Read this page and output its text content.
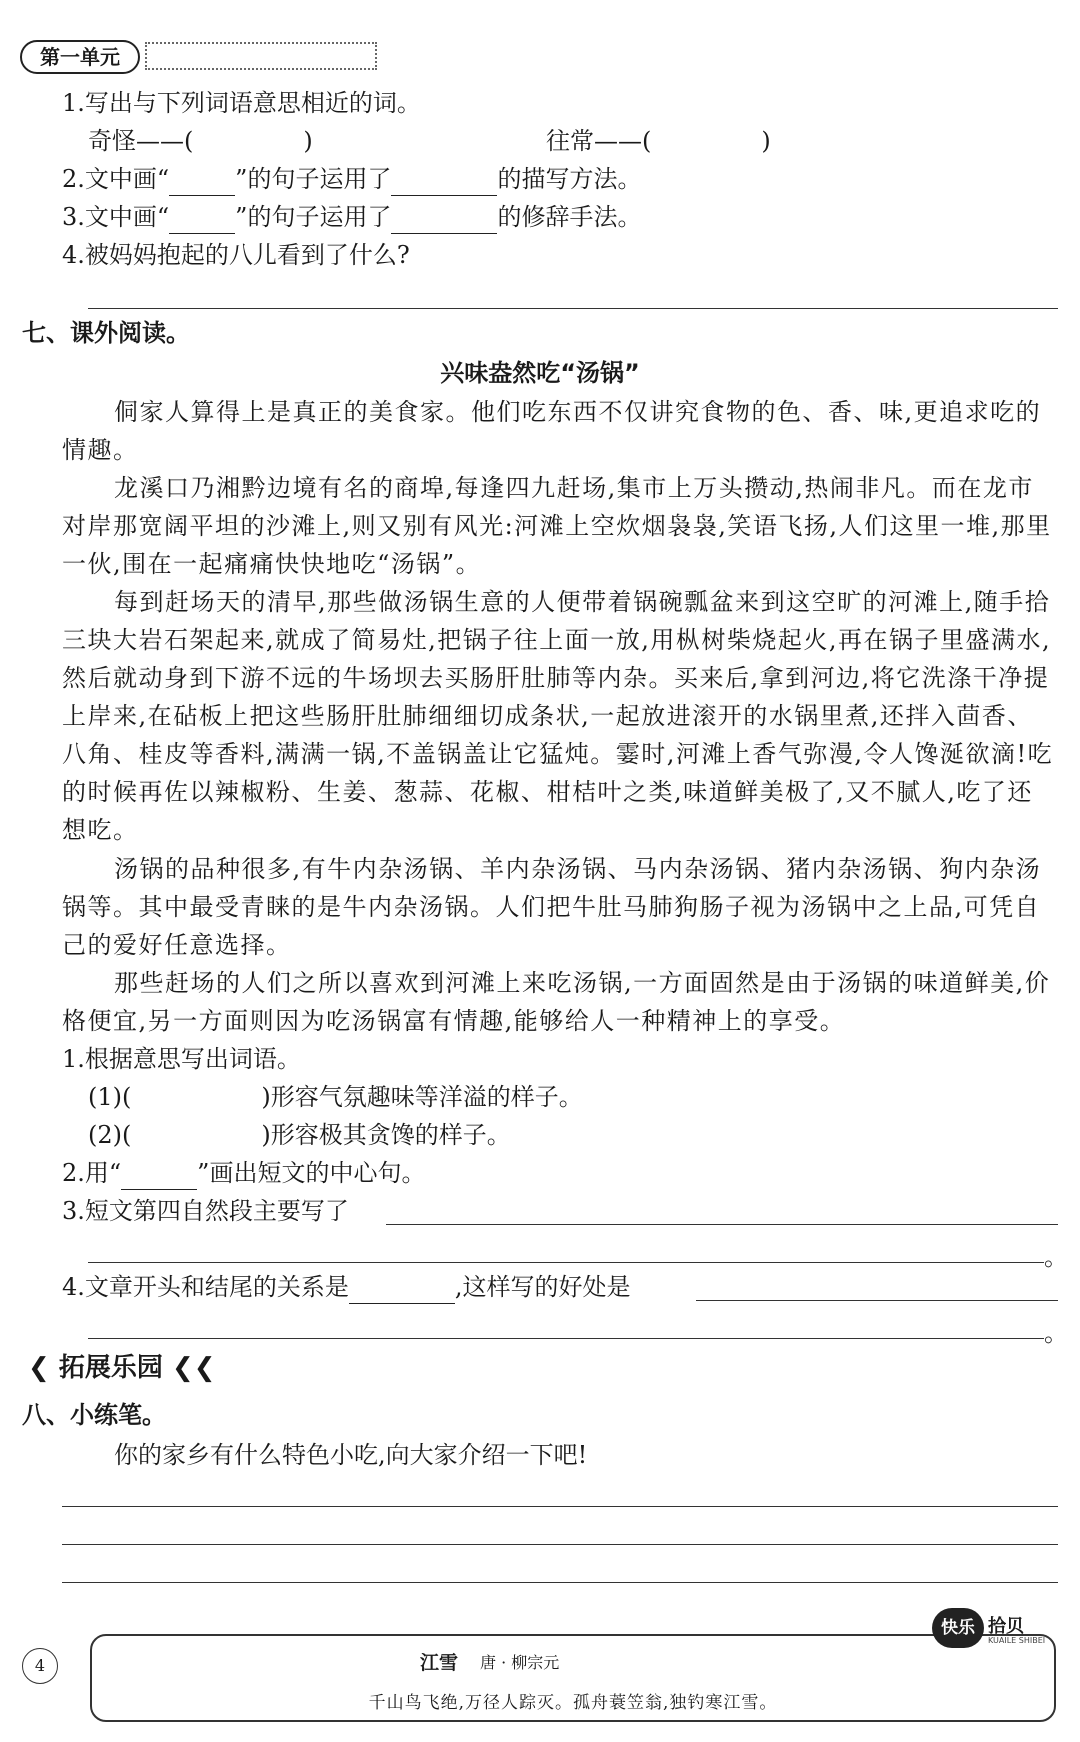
第一单元
1.写出与下列词语意思相近的词。
奇怪——(	)	往常——(	)
2.文中画“	”的句子运用了	的描写方法。
3.文中画“	”的句子运用了	的修辞手法。
4.被妈妈抱起的八儿看到了什么?
七、课外阅读。
兴味盎然吃“汤锅”
侗家人算得上是真正的美食家。他们吃东西不仅讲究食物的色、香、味,更追求吃的情趣。
龙溪口乃湘黔边境有名的商埠,每逢四九赶场,集市上万头攒动,热闹非凡。而在龙市对岸那宽阔平坦的沙滩上,则又别有风光:河滩上空炊烟袅袅,笑语飞扬,人们这里一堆,那里一伙,围在一起痛痛快快地吃“汤锅”。
每到赶场天的清早,那些做汤锅生意的人便带着锅碗瓢盆来到这空旷的河滩上,随手拾三块大岩石架起来,就成了简易灶,把锅子往上面一放,用枞树柴烧起火,再在锅子里盛满水,然后就动身到下游不远的牛场坝去买肠肝肚肺等内杂。买来后,拿到河边,将它洗涤干净提上岸来,在砧板上把这些肠肝肚肺细细切成条状,一起放进滚开的水锅里煮,还拌入茴香、八角、桂皮等香料,满满一锅,不盖锅盖让它猛炖。霎时,河滩上香气弥漫,令人馋涎欲滴!吃的时候再佐以辣椒粉、生姜、葱蒜、花椒、柑桔叶之类,味道鲜美极了,又不腻人,吃了还想吃。
汤锅的品种很多,有牛内杂汤锅、羊内杂汤锅、马内杂汤锅、猪内杂汤锅、狗内杂汤锅等。其中最受青睐的是牛内杂汤锅。人们把牛肚马肺狗肠子视为汤锅中之上品,可凭自己的爱好任意选择。
那些赶场的人们之所以喜欢到河滩上来吃汤锅,一方面固然是由于汤锅的味道鲜美,价格便宜,另一方面则因为吃汤锅富有情趣,能够给人一种精神上的享受。
1.根据意思写出词语。
(1)(	)形容气氛趣味等洋溢的样子。
(2)(	)形容极其贪馋的样子。
2.用“	”画出短文的中心句。
3.短文第四自然段主要写了
。
4.文章开头和结尾的关系是	,这样写的好处是
。
❮ 拓展乐园 ❮❮
八、小练笔。
你的家乡有什么特色小吃,向大家介绍一下吧!
4	江雪 唐 · 柳宗元
千山鸟飞绝,万径人踪灭。孤舟蓑笠翁,独钓寒江雪。
快乐 拾贝
KUAILE SHIBEI
